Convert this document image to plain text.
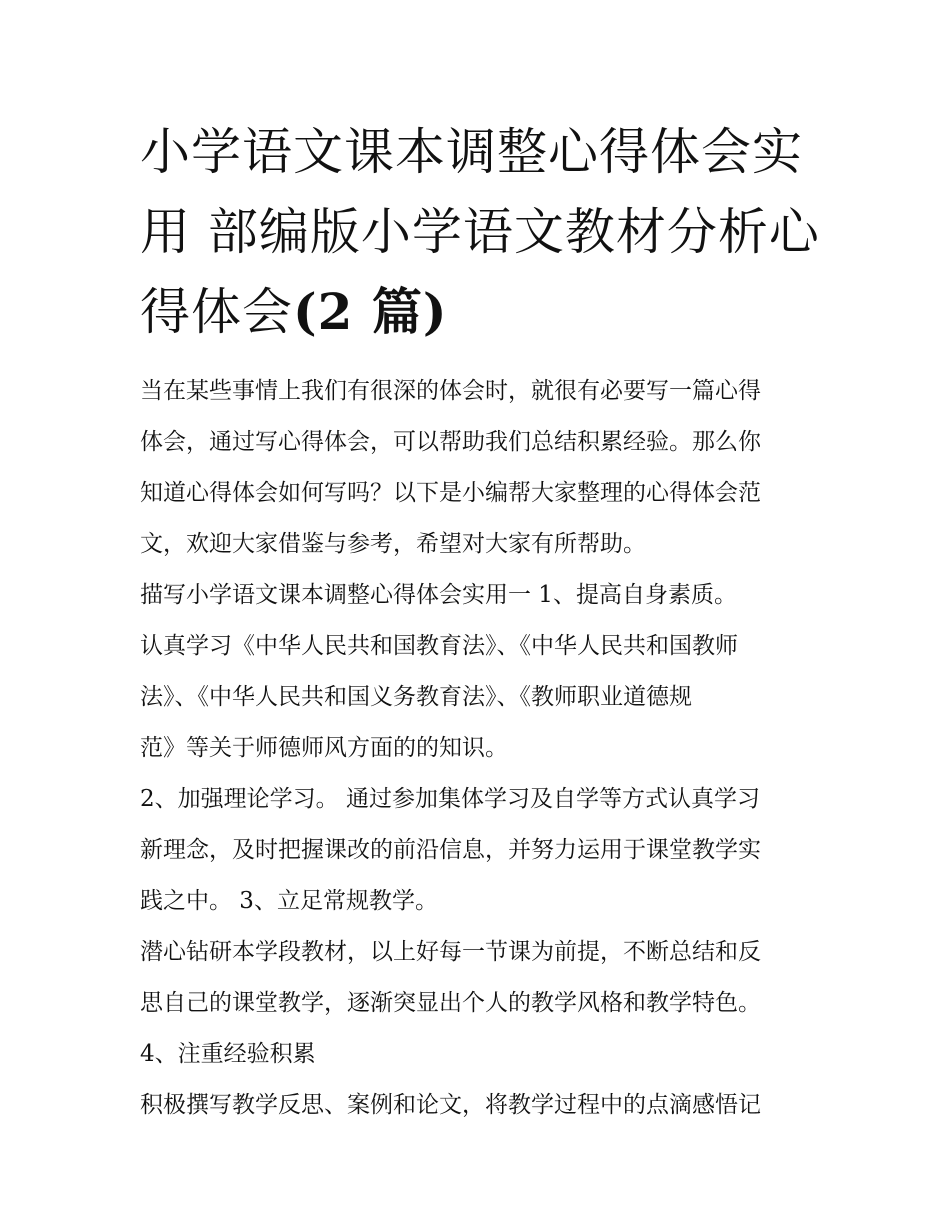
小学语文课本调整心得体会实
用 部编版小学语文教材分析心
得体会(2 篇)
当在某些事情上我们有很深的体会时，就很有必要写一篇心得
体会，通过写心得体会，可以帮助我们总结积累经验。那么你
知道心得体会如何写吗？以下是小编帮大家整理的心得体会范
文，欢迎大家借鉴与参考，希望对大家有所帮助。
描写小学语文课本调整心得体会实用一 1、提高自身素质。
认真学习《中华人民共和国教育法》、《中华人民共和国教师
法》、《中华人民共和国义务教育法》、《教师职业道德规
范》等关于师德师风方面的的知识。
2、加强理论学习。 通过参加集体学习及自学等方式认真学习
新理念，及时把握课改的前沿信息，并努力运用于课堂教学实
践之中。 3、立足常规教学。
潜心钻研本学段教材，以上好每一节课为前提，不断总结和反
思自己的课堂教学，逐渐突显出个人的教学风格和教学特色。
4、注重经验积累
积极撰写教学反思、案例和论文，将教学过程中的点滴感悟记
